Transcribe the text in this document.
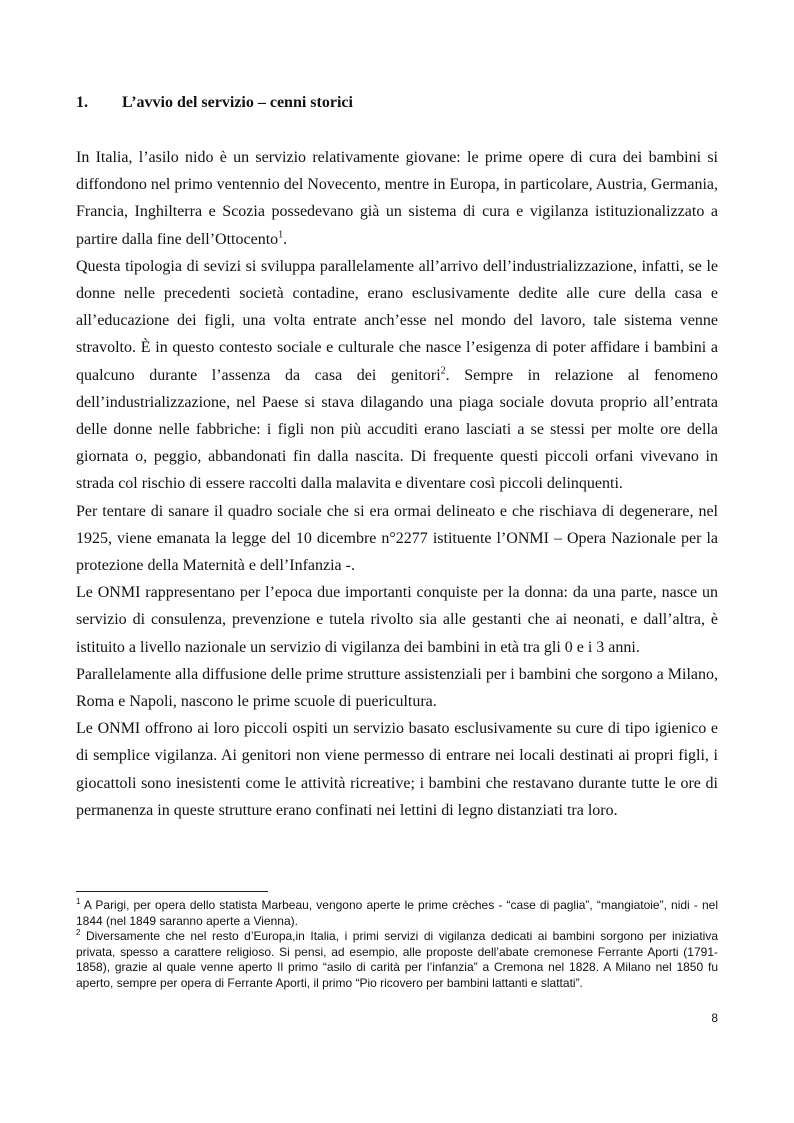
1. L’avvio del servizio – cenni storici

In Italia, l’asilo nido è un servizio relativamente giovane: le prime opere di cura dei bambini si diffondono nel primo ventennio del Novecento, mentre in Europa, in particolare, Austria, Germania, Francia, Inghilterra e Scozia possedevano già un sistema di cura e vigilanza istituzionalizzato a partire dalla fine dell’Ottocento$^1$.

Questa tipologia di sevizi si sviluppa parallelamente all’arrivo dell’industrializzazione, infatti, se le donne nelle precedenti società contadine, erano esclusivamente dedite alle cure della casa e all’educazione dei figli, una volta entrate anch’esse nel mondo del lavoro, tale sistema venne stravolto. È in questo contesto sociale e culturale che nasce l’esigenza di poter affidare i bambini a qualcuno durante l’assenza da casa dei genitori$^2$. Sempre in relazione al fenomeno dell’industrializzazione, nel Paese si stava dilagando una piaga sociale dovuta proprio all’entrata delle donne nelle fabbriche: i figli non più accuditi erano lasciati a se stessi per molte ore della giornata o, peggio, abbandonati fin dalla nascita. Di frequente questi piccoli orfani vivevano in strada col rischio di essere raccolti dalla malavita e diventare così piccoli delinquenti.

Per tentare di sanare il quadro sociale che si era ormai delineato e che rischiava di degenerare, nel 1925, viene emanata la legge del 10 dicembre n°2277 istituente l’ONMI – Opera Nazionale per la protezione della Maternità e dell’Infanzia -.

Le ONMI rappresentano per l’epoca due importanti conquiste per la donna: da una parte, nasce un servizio di consulenza, prevenzione e tutela rivolto sia alle gestanti che ai neonati, e dall’altra, è istituito a livello nazionale un servizio di vigilanza dei bambini in età tra gli 0 e i 3 anni.

Parallelamente alla diffusione delle prime strutture assistenziali per i bambini che sorgono a Milano, Roma e Napoli, nascono le prime scuole di puericultura.

Le ONMI offrono ai loro piccoli ospiti un servizio basato esclusivamente su cure di tipo igienico e di semplice vigilanza. Ai genitori non viene permesso di entrare nei locali destinati ai propri figli, i giocattoli sono inesistenti come le attività ricreative; i bambini che restavano durante tutte le ore di permanenza in queste strutture erano confinati nei lettini di legno distanziati tra loro.

$^1$ A Parigi, per opera dello statista Marbeau, vengono aperte le prime crèches - “case di paglia”, “mangiatoie”, nidi - nel 1844 (nel 1849 saranno aperte a Vienna).

$^2$ Diversamente che nel resto d’Europa,in Italia, i primi servizi di vigilanza dedicati ai bambini sorgono per iniziativa privata, spesso a carattere religioso. Si pensi, ad esempio, alle proposte dell’abate cremonese Ferrante Aporti (1791-1858), grazie al quale venne aperto Il primo “asilo di carità per l’infanzia” a Cremona nel 1828. A Milano nel 1850 fu aperto, sempre per opera di Ferrante Aporti, il primo “Pio ricovero per bambini lattanti e slattati”.

8
